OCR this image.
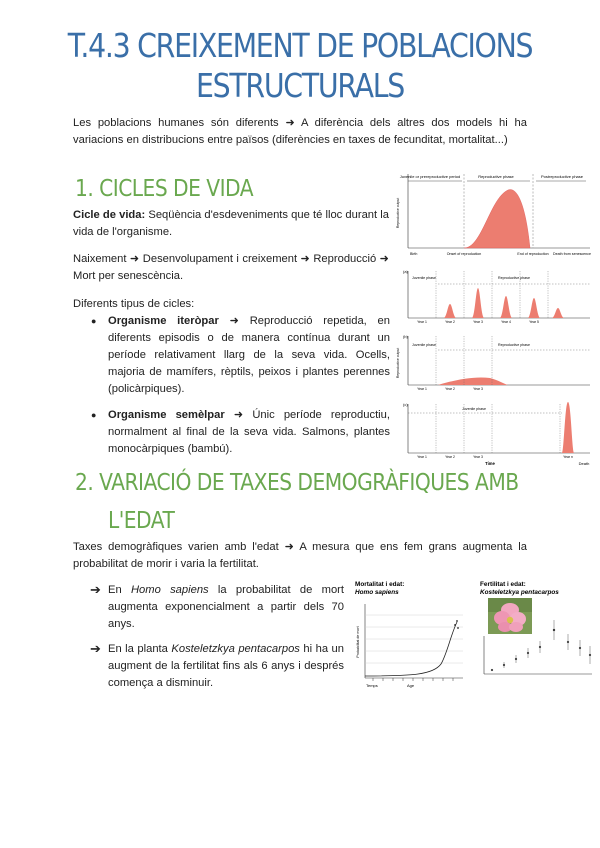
T.4.3 CREIXEMENT DE POBLACIONS
ESTRUCTURALS

Les poblacions humanes són diferents ➜ A diferència dels altres dos models hi ha variacions en distribucions entre països (diferències en taxes de fecunditat, mortalitat...)

1. CICLES DE VIDA

Cicle de vida: Seqüència d'esdeveniments que té lloc durant la vida de l'organisme.

Naixement ➜ Desenvolupament i creixement ➜ Reproducció ➜ Mort per senescència.

Diferents tipus de cicles:

● Organisme iteròpar ➜ Reproducció repetida, en diferents episodis o de manera contínua durant un període relativament llarg de la seva vida. Ocells, majoria de mamífers, rèptils, peixos i plantes perennes (policàrpiques).

● Organisme semèlpar ➜ Únic període reproductiu, normalment al final de la seva vida. Salmons, plantes monocàrpiques (bambú).

2. VARIACIÓ DE TAXES DEMOGRÀFIQUES AMB
L'EDAT

Taxes demogràfiques varien amb l'edat ➜ A mesura que ens fem grans augmenta la probabilitat de morir i varia la fertilitat.

➔ En Homo sapiens la probabilitat de mort augmenta exponencialment a partir dels 70 anys.

➔ En la planta Kosteletzkya pentacarpos hi ha un augment de la fertilitat fins als 6 anys i després comença a disminuir.

Juvenile or prereproductive period	Reproductive phase	Postreproductive phase
Reproductive output
Birth	Onset of reproduction	End of reproduction Death from senescence
(a)
Juvenile phase	Reproductive phase
Year 1	Year 2	Year 3	Year 4	Year 5
(b)
Juvenile phase	Reproductive phase
Reproductive output
Year 1	Year 2	Year 3
(c)
Juvenile phase
Year 1	Year 2	Year 3	Year n
Time	Death
Mortalitat i edat:
Homo sapiens
Probabilitat de mort
Temps	Age
Fertilitat i edat:
Kosteletzkya pentacarpos
